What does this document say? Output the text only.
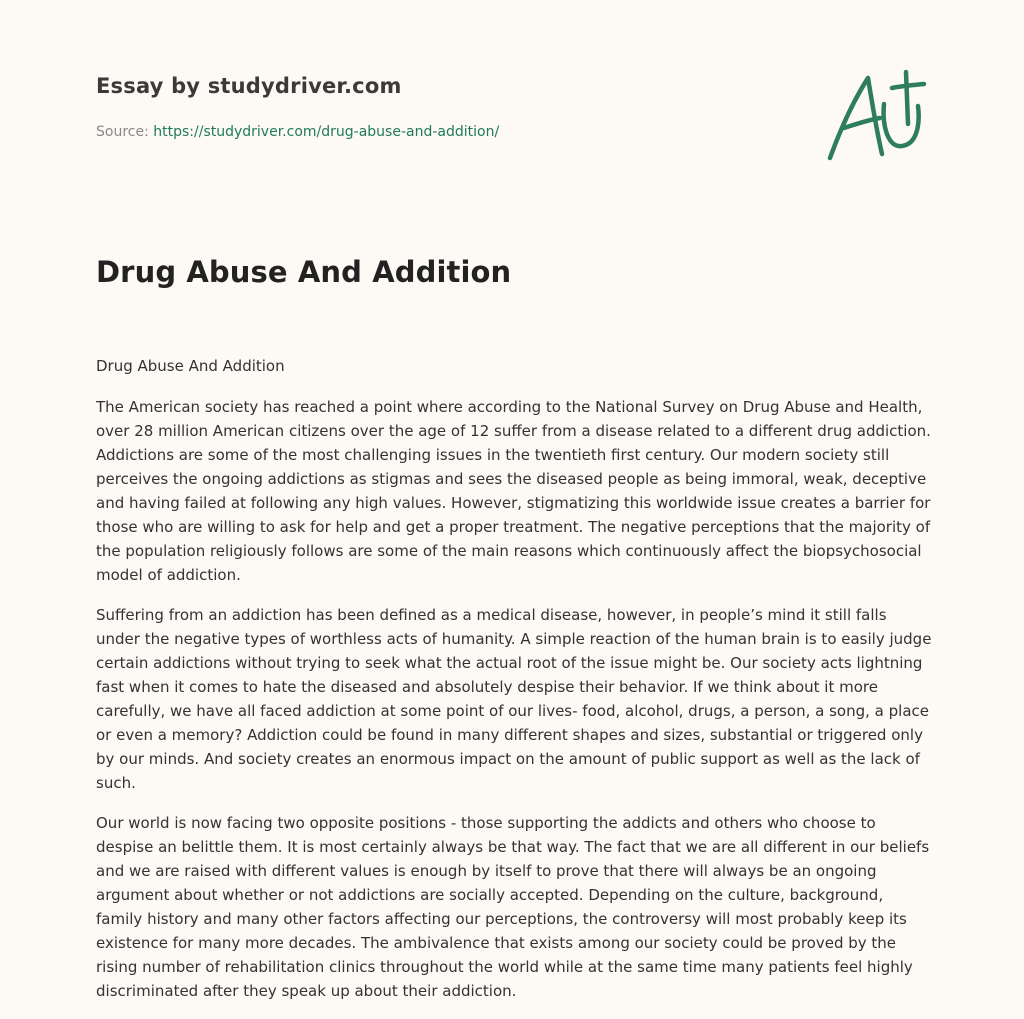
Essay by studydriver.com
Source: https://studydriver.com/drug-abuse-and-addition/
Drug Abuse And Addition

Drug Abuse And Addition

The American society has reached a point where according to the National Survey on Drug Abuse and Health, over 28 million American citizens over the age of 12 suffer from a disease related to a different drug addiction. Addictions are some of the most challenging issues in the twentieth first century. Our modern society still perceives the ongoing addictions as stigmas and sees the diseased people as being immoral, weak, deceptive and having failed at following any high values. However, stigmatizing this worldwide issue creates a barrier for those who are willing to ask for help and get a proper treatment. The negative perceptions that the majority of the population religiously follows are some of the main reasons which continuously affect the biopsychosocial model of addiction.

Suffering from an addiction has been defined as a medical disease, however, in people’s mind it still falls under the negative types of worthless acts of humanity. A simple reaction of the human brain is to easily judge certain addictions without trying to seek what the actual root of the issue might be. Our society acts lightning fast when it comes to hate the diseased and absolutely despise their behavior. If we think about it more carefully, we have all faced addiction at some point of our lives- food, alcohol, drugs, a person, a song, a place or even a memory? Addiction could be found in many different shapes and sizes, substantial or triggered only by our minds. And society creates an enormous impact on the amount of public support as well as the lack of such.

Our world is now facing two opposite positions - those supporting the addicts and others who choose to despise an belittle them. It is most certainly always be that way. The fact that we are all different in our beliefs and we are raised with different values is enough by itself to prove that there will always be an ongoing argument about whether or not addictions are socially accepted. Depending on the culture, background, family history and many other factors affecting our perceptions, the controversy will most probably keep its existence for many more decades. The ambivalence that exists among our society could be proved by the rising number of rehabilitation clinics throughout the world while at the same time many patients feel highly discriminated after they speak up about their addiction.
